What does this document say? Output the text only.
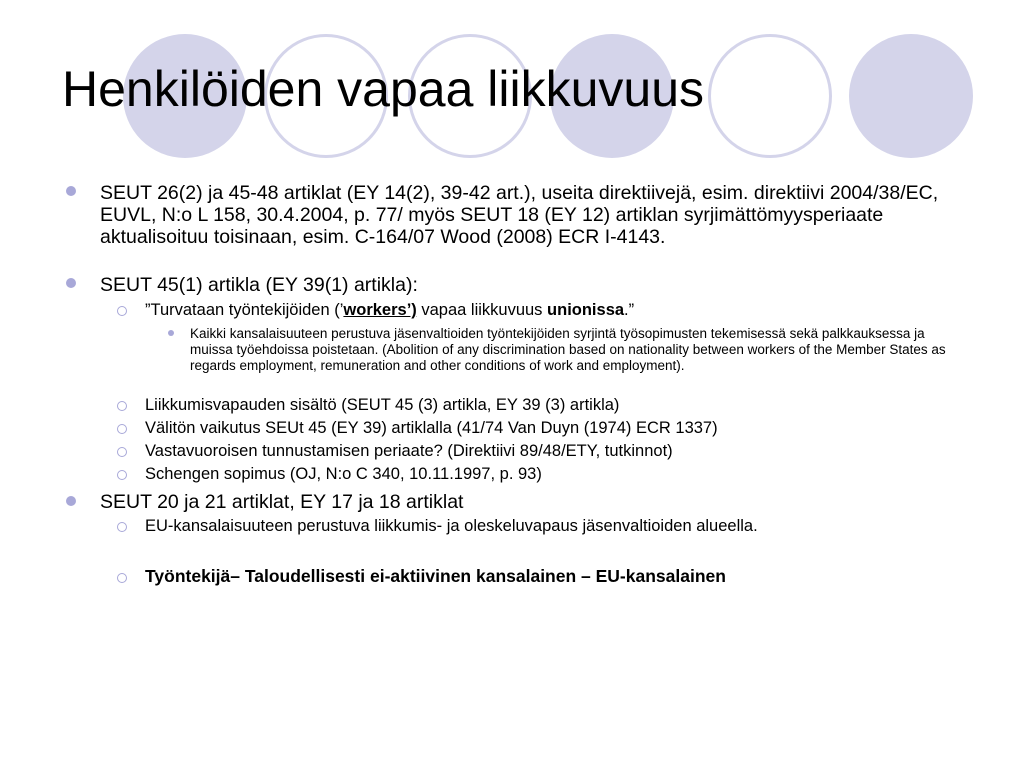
Henkilöiden vapaa liikkuvuus
SEUT 26(2) ja 45-48 artiklat (EY 14(2), 39-42 art.), useita direktiivejä, esim. direktiivi 2004/38/EC, EUVL, N:o L 158, 30.4.2004, p. 77/ myös SEUT 18 (EY 12) artiklan syrjimättömyysperiaate aktualisoituu toisinaan, esim. C-164/07 Wood (2008) ECR I-4143.
SEUT 45(1) artikla (EY 39(1) artikla):
”Turvataan työntekijöiden (’workers’) vapaa liikkuvuus unionissa.”
Kaikki kansalaisuuteen perustuva jäsenvaltioiden työntekijöiden syrjintä työsopimusten tekemisessä sekä palkkauksessa ja muissa työehdoissa poistetaan. (Abolition of any discrimination based on nationality between workers of the Member States as regards employment, remuneration and other conditions of work and employment).
Liikkumisvapauden sisältö (SEUT 45 (3) artikla, EY 39 (3) artikla)
Välitön vaikutus SEUt 45 (EY 39) artiklalla (41/74 Van Duyn (1974) ECR 1337)
Vastavuoroisen tunnustamisen periaate? (Direktiivi 89/48/ETY, tutkinnot)
Schengen sopimus (OJ, N:o C 340, 10.11.1997, p. 93)
SEUT 20 ja 21 artiklat, EY 17 ja 18 artiklat
EU-kansalaisuuteen perustuva liikkumis- ja oleskeluvapaus jäsenvaltioiden alueella.
Työntekijä– Taloudellisesti ei-aktiivinen kansalainen – EU-kansalainen
